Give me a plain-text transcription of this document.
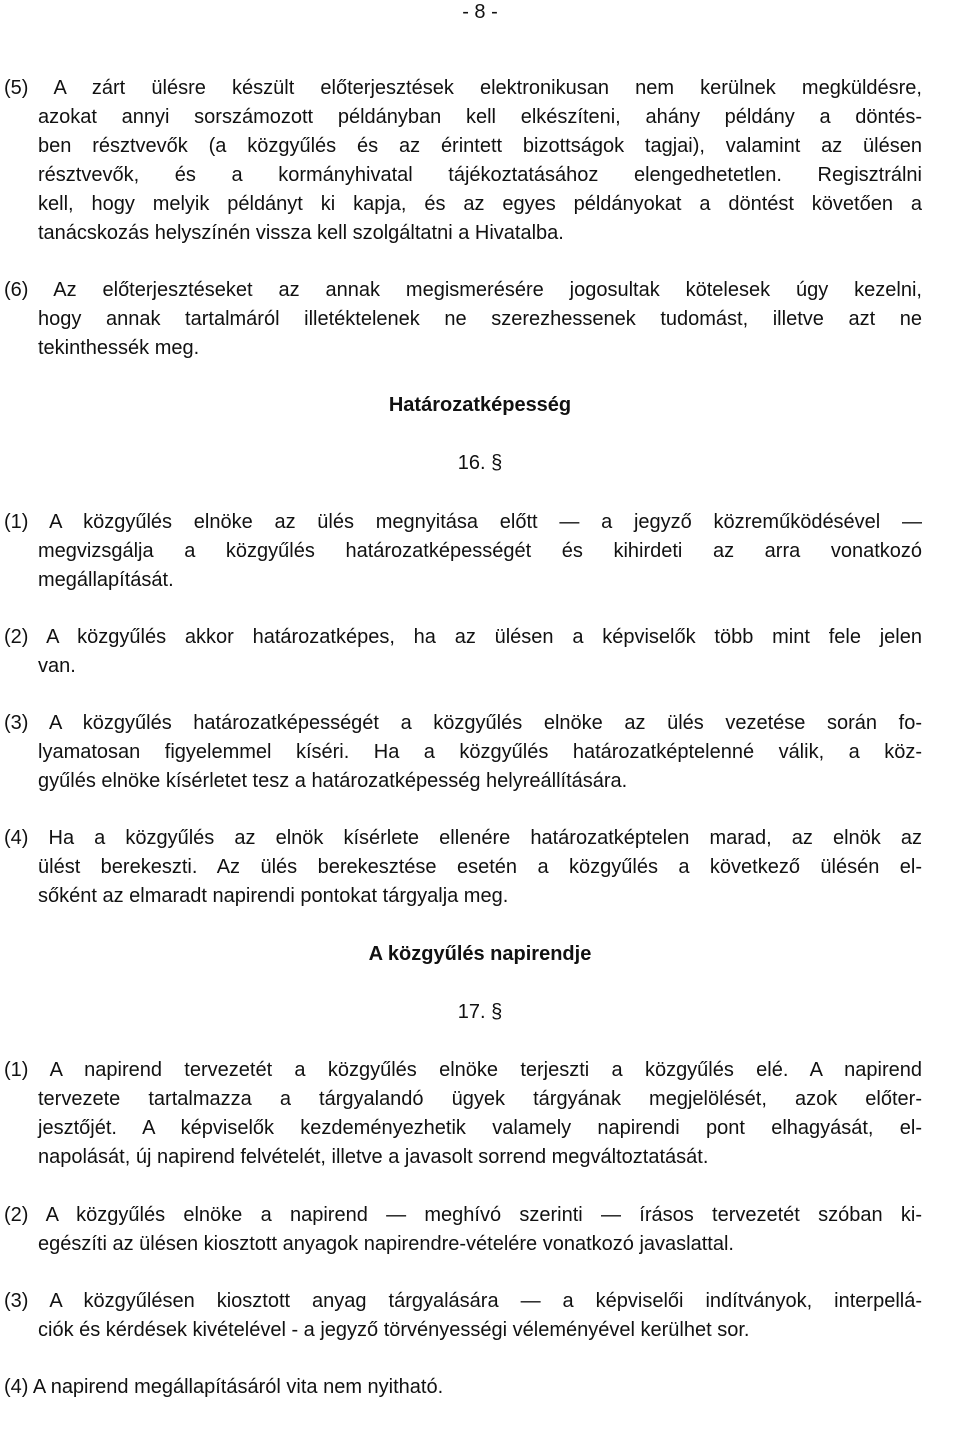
- 8 -
(5) A zárt ülésre készült előterjesztések elektronikusan nem kerülnek megküldésre,
azokat annyi sorszámozott példányban kell elkészíteni, ahány példány a döntés-
ben résztvevők (a közgyűlés és az érintett bizottságok tagjai), valamint az ülésen
résztvevők, és a kormányhivatal tájékoztatásához elengedhetetlen. Regisztrálni
kell, hogy melyik példányt ki kapja, és az egyes példányokat a döntést követően a
tanácskozás helyszínén vissza kell szolgáltatni a Hivatalba.
(6) Az előterjesztéseket az annak megismerésére jogosultak kötelesek úgy kezelni,
hogy annak tartalmáról illetéktelenek ne szerezhessenek tudomást, illetve azt ne
tekinthessék meg.
Határozatképesség
16. §
(1) A közgyűlés elnöke az ülés megnyitása előtt — a jegyző közreműködésével —
megvizsgálja a közgyűlés határozatképességét és kihirdeti az arra vonatkozó
megállapítását.
(2) A közgyűlés akkor határozatképes, ha az ülésen a képviselők több mint fele jelen
van.
(3) A közgyűlés határozatképességét a közgyűlés elnöke az ülés vezetése során fo-
lyamatosan figyelemmel kíséri. Ha a közgyűlés határozatképtelenné válik, a köz-
gyűlés elnöke kísérletet tesz a határozatképesség helyreállítására.
(4) Ha a közgyűlés az elnök kísérlete ellenére határozatképtelen marad, az elnök az
ülést berekeszti. Az ülés berekesztése esetén a közgyűlés a következő ülésén el-
sőként az elmaradt napirendi pontokat tárgyalja meg.
A közgyűlés napirendje
17. §
(1) A napirend tervezetét a közgyűlés elnöke terjeszti a közgyűlés elé. A napirend
tervezete tartalmazza a tárgyalandó ügyek tárgyának megjelölését, azok előter-
jesztőjét. A képviselők kezdeményezhetik valamely napirendi pont elhagyását, el-
napolását, új napirend felvételét, illetve a javasolt sorrend megváltoztatását.
(2) A közgyűlés elnöke a napirend — meghívó szerinti — írásos tervezetét szóban ki-
egészíti az ülésen kiosztott anyagok napirendre-vételére vonatkozó javaslattal.
(3) A közgyűlésen kiosztott anyag tárgyalására — a képviselői indítványok, interpellá-
ciók és kérdések kivételével - a jegyző törvényességi véleményével kerülhet sor.
(4) A napirend megállapításáról vita nem nyitható.
